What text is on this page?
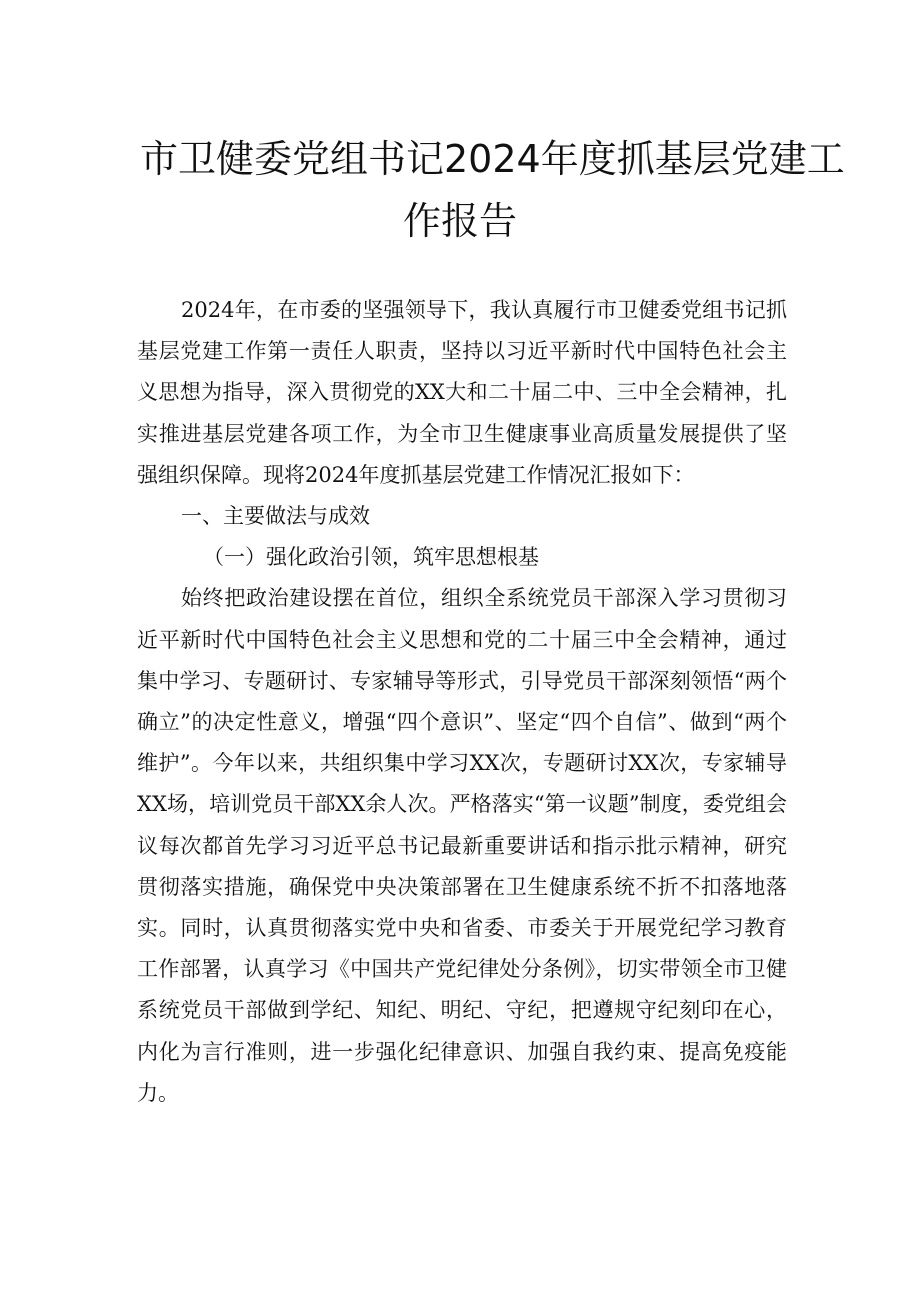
市卫健委党组书记2024年度抓基层党建工
作报告

2024年，在市委的坚强领导下，我认真履行市卫健委党组书记抓基层党建工作第一责任人职责，坚持以习近平新时代中国特色社会主义思想为指导，深入贯彻党的XX大和二十届二中、三中全会精神，扎实推进基层党建各项工作，为全市卫生健康事业高质量发展提供了坚强组织保障。现将2024年度抓基层党建工作情况汇报如下：

一、主要做法与成效

（一）强化政治引领，筑牢思想根基

始终把政治建设摆在首位，组织全系统党员干部深入学习贯彻习近平新时代中国特色社会主义思想和党的二十届三中全会精神，通过集中学习、专题研讨、专家辅导等形式，引导党员干部深刻领悟“两个确立”的决定性意义，增强“四个意识”、坚定“四个自信”、做到“两个维护”。今年以来，共组织集中学习XX次，专题研讨XX次，专家辅导XX场，培训党员干部XX余人次。严格落实“第一议题”制度，委党组会议每次都首先学习习近平总书记最新重要讲话和指示批示精神，研究贯彻落实措施，确保党中央决策部署在卫生健康系统不折不扣落地落实。同时，认真贯彻落实党中央和省委、市委关于开展党纪学习教育工作部署，认真学习《中国共产党纪律处分条例》，切实带领全市卫健系统党员干部做到学纪、知纪、明纪、守纪，把遵规守纪刻印在心，内化为言行准则，进一步强化纪律意识、加强自我约束、提高免疫能力。
